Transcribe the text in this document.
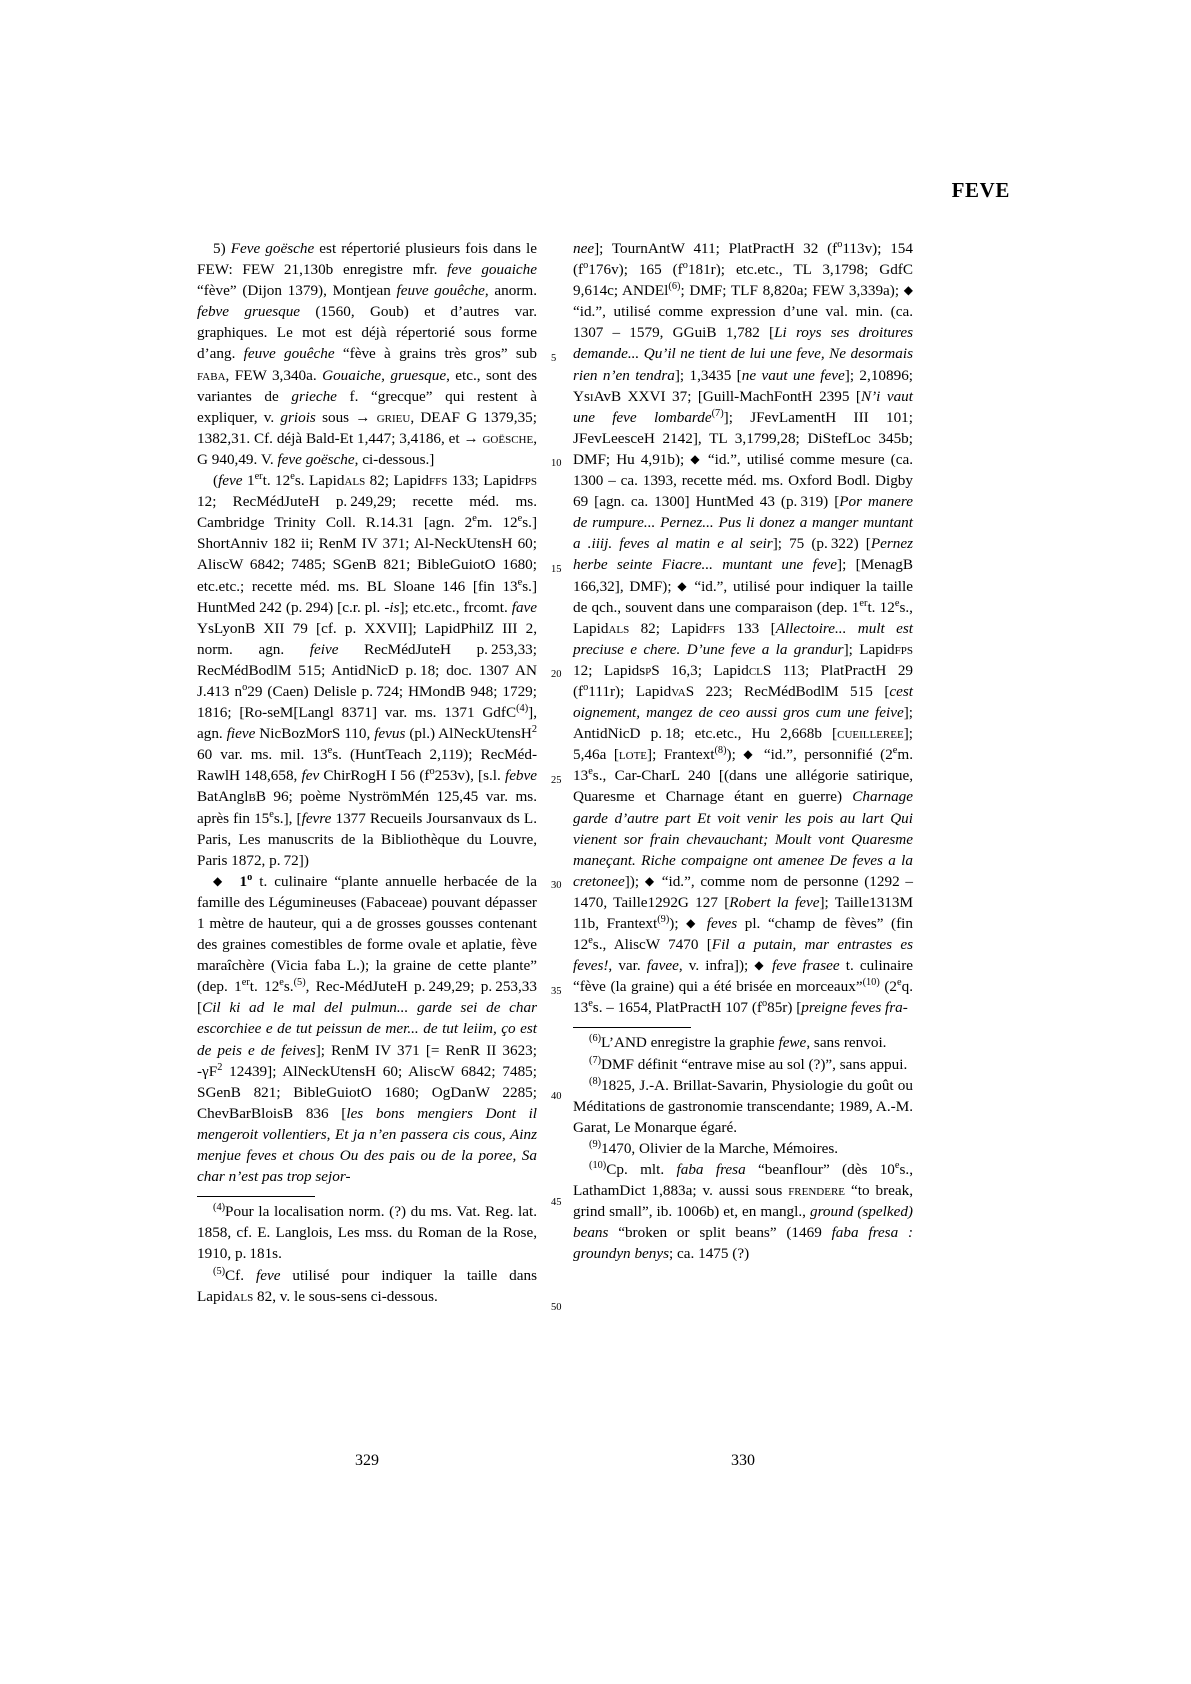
FEVE
5
10
15
20
25
30
35
40
45
50

5) Feve goësche est répertorié plusieurs fois dans le FEW: FEW 21,130b enregistre mfr. feve gouaiche “fève” (Dijon 1379), Montjean feuve gouêche, anorm. febve gruesque (1560, Goub) et d’autres var. graphiques. Le mot est déjà répertorié sous forme d’ang. feuve gouêche “fève à grains très gros” sub faba, FEW 3,340a. Gouaiche, gruesque, etc., sont des variantes de grieche f. “grecque” qui restent à expliquer, v. griois sous → grieu, DEAF G 1379,35; 1382,31. Cf. déjà Bald-Et 1,447; 3,4186, et → goësche, G 940,49. V. feve goësche, ci-dessous.]

(feve 1ert. 12es. Lapidals 82; Lapidffs 133; Lapidfps 12; RecMédJuteH p. 249,29; recette méd. ms. Cambridge Trinity Coll. R.14.31 [agn. 2em. 12es.] ShortAnniv 182 ii; RenM IV 371; Al-NeckUtensH 60; AliscW 6842; 7485; SGenB 821; BibleGuiotO 1680; etc.etc.; recette méd. ms. BL Sloane 146 [fin 13es.] HuntMed 242 (p. 294) [c.r. pl. -is]; etc.etc., frcomt. fave YsLyonB XII 79 [cf. p. XXVII]; LapidPhilZ III 2, norm. agn. feive RecMédJuteH p. 253,33; RecMédBodlM 515; AntidNicD p. 18; doc. 1307 AN J.413 $n^o29$ (Caen) Delisle p. 724; HMondB 948; 1729; 1816; [Ro-seM[Langl 8371] var. ms. 1371 GdfC$^{(4)}$], agn. fieve NicBozMorS 110, fevus (pl.) AlNeckUtensH$^2$ 60 var. ms. mil. 13es. (HuntTeach 2,119); RecMéd-RawlH 148,658, fev ChirRogH I 56 $(f^o253v)$, [s.l. febve BatAnglbB 96; poème NyströmMén 125,45 var. ms. après fin 15es.], [fevre 1377 Recueils Joursanvaux ds L. Paris, Les manuscrits de la Bibliothèque du Louvre, Paris 1872, p. 72])

◆ 1$^o$ t. culinaire “plante annuelle herbacée de la famille des Légumineuses (Fabaceae) pouvant dépasser 1 mètre de hauteur, qui a de grosses gousses contenant des graines comestibles de forme ovale et aplatie, fève maraîchère (Vicia faba L.); la graine de cette plante” (dep. 1ert. 12es.$^{(5)}$, Rec-MédJuteH p. 249,29; p. 253,33 [Cil ki ad le mal del pulmun... garde sei de char escorchiee e de tut peissun de mer... de tut leiim, ço est de peis e de feives]; RenM IV 371 [= RenR II 3623; $-\gamma F^2$ 12439]; AlNeckUtensH 60; AliscW 6842; 7485; SGenB 821; BibleGuiotO 1680; OgDanW 2285; ChevBarBloisB 836 [les bons mengiers Dont il mengeroit vollentiers, Et ja n’en passera cis cous, Ainz menjue feves et chous Ou des pais ou de la poree, Sa char n’est pas trop sejor-

$^{(4)}$Pour la localisation norm. (?) du ms. Vat. Reg. lat. 1858, cf. E. Langlois, Les mss. du Roman de la Rose, 1910, p. 181s.

$^{(5)}$Cf. feve utilisé pour indiquer la taille dans Lapidals 82, v. le sous-sens ci-dessous.

nee]; TournAntW 411; PlatPractH 32 $(f^o113v)$; 154 $(f^o176v)$; 165 $(f^o181r)$; etc.etc., TL 3,1798; GdfC 9,614c; ANDEl$^{(6)}$; DMF; TLF 8,820a; FEW 3,339a); ◆ “id.”, utilisé comme expression d’une val. min. (ca. 1307 – 1579, GGuiB 1,782 [Li roys ses droitures demande... Qu’il ne tient de lui une feve, Ne desormais rien n’en tendra]; 1,3435 [ne vaut une feve]; 2,10896; YsiAvB XXVI 37; [Guill-MachFontH 2395 [N’i vaut une feve lombarde$^{(7)}$]; JFevLamentH III 101; JFevLeesceH 2142], TL 3,1799,28; DiStefLoc 345b; DMF; Hu 4,91b); ◆ “id.”, utilisé comme mesure (ca. 1300 – ca. 1393, recette méd. ms. Oxford Bodl. Digby 69 [agn. ca. 1300] HuntMed 43 (p. 319) [Por manere de rumpure... Pernez... Pus li donez a manger muntant a .iiij. feves al matin e al seir]; 75 (p. 322) [Pernez herbe seinte Fiacre... muntant une feve]; [MenagB 166,32], DMF); ◆ “id.”, utilisé pour indiquer la taille de qch., souvent dans une comparaison (dep. 1ert. 12es., Lapidals 82; Lapidffs 133 [Allectoire... mult est preciuse e chere. D’une feve a la grandur]; Lapidfps 12; LapidspS 16,3; LapidclS 113; PlatPractH 29 $(f^o111r)$; LapidvaS 223; RecMédBodlM 515 [cest oignement, mangez de ceo aussi gros cum une feive]; AntidNicD p. 18; etc.etc., Hu 2,668b [cueilleree]; 5,46a [lote]; Frantext$^{(8)}$); ◆ “id.”, personnifié (2em. 13es., Car-CharL 240 [(dans une allégorie satirique, Quaresme et Charnage étant en guerre) Charnage garde d’autre part Et voit venir les pois au lart Qui vienent sor frain chevauchant; Moult vont Quaresme maneçant. Riche compaigne ont amenee De feves a la cretonee]); ◆ “id.”, comme nom de personne (1292 – 1470, Taille1292G 127 [Robert la feve]; Taille1313M 11b, Frantext$^{(9)}$); ◆ feves pl. “champ de fèves” (fin 12es., AliscW 7470 [Fil a putain, mar entrastes es feves!, var. favee, v. infra]); ◆ feve frasee t. culinaire “fève (la graine) qui a été brisée en morceaux”$^{(10)}$ (2eq. 13es. – 1654, PlatPractH 107 $(f^o85r)$ [preigne feves fra-

$^{(6)}$L’AND enregistre la graphie fewe, sans renvoi.

$^{(7)}$DMF définit “entrave mise au sol (?)”, sans appui.

$^{(8)}$1825, J.-A. Brillat-Savarin, Physiologie du goût ou Méditations de gastronomie transcendante; 1989, A.-M. Garat, Le Monarque égaré.

$^{(9)}$1470, Olivier de la Marche, Mémoires.

$^{(10)}$Cp. mlt. faba fresa “beanflour” (dès 10es., LathamDict 1,883a; v. aussi sous frendere “to break, grind small”, ib. 1006b) et, en mangl., ground (spelked) beans “broken or split beans” (1469 faba fresa : groundyn benys; ca. 1475 (?)

329	330
